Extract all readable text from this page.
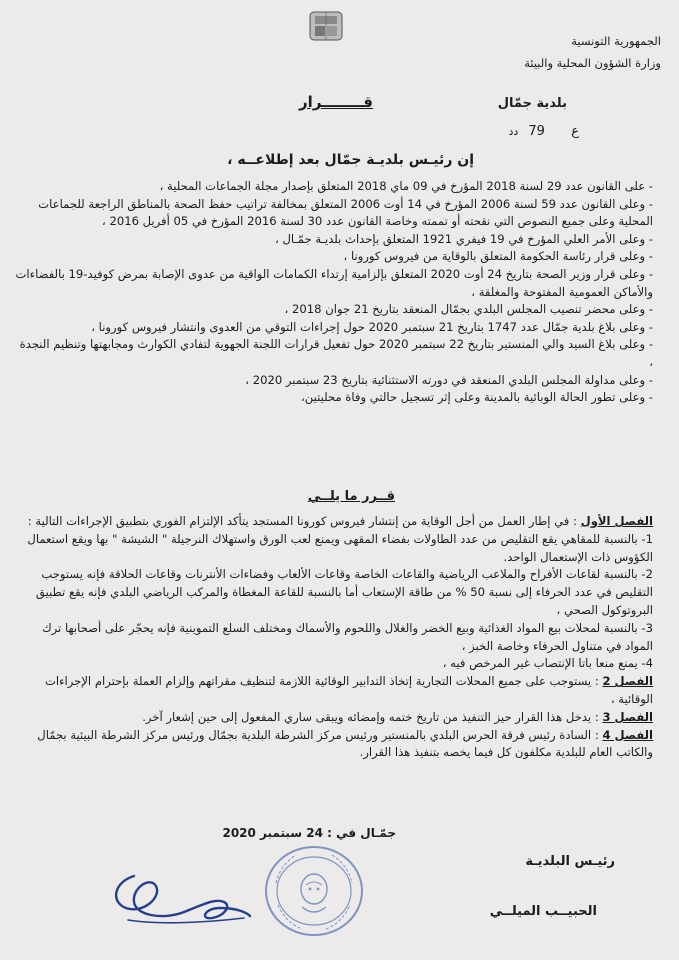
الجمهورية التونسية
وزارة الشؤون المحلية والبيئة
بلدية جمّال
قــــــــرار
ع  79 دد
إن رئيـس بلديـة جمّال بعد إطلاعــه ،

- على القانون عدد 29 لسنة 2018 المؤرخ في 09 ماي 2018 المتعلق بإصدار مجلة الجماعات المحلية ،

- وعلى القانون عدد 59 لسنة 2006 المؤرخ في 14 أوت 2006 المتعلق بمخالفة تراتيب حفظ الصحة بالمناطق الراجعة للجماعات المحلية وعلى جميع النصوص التي نقحته أو تممته وخاصة القانون عدد 30 لسنة 2016 المؤرخ في 05 أفريل 2016 ،

- وعلى الأمر العلي المؤرخ في 19 فيفري 1921 المتعلق بإحداث بلديـة جمّـال ،

- وعلى قرار رئاسة الحكومة المتعلق بالوقاية من فيروس كورونا ،

- وعلى قرار وزير الصحة بتاريخ 24 أوت 2020 المتعلق بإلزامية إرتداء الكمامات الواقية من عدوى الإصابة بمرض كوفيد-19 بالفضاءات والأماكن العمومية المفتوحة والمغلقة ،

- وعلى محضر تنصيب المجلس البلدي بجمّال المنعقد بتاريخ 21 جوان 2018 ،

- وعلى بلاغ بلدية جمّال عدد 1747 بتاريخ 21 سبتمبر 2020 حول إجراءات التوقي من العدوى وانتشار فيروس كورونا ،

- وعلى بلاغ السيد والي المنستير بتاريخ 22 سبتمبر 2020 حول تفعيل قرارات اللجنة الجهوية لتفادي الكوارث ومجابهتها وتنظيم النجدة ،

- وعلى مداولة المجلس البلدي المنعقد في دورته الاستثنائية بتاريخ 23 سبتمبر 2020 ،

- وعلى تطور الحالة الوبائية بالمدينة وعلى إثر تسجيل حالتي وفاة محليتين،

قــرر ما يلــي

الفصل الأول : في إطار العمل من أجل الوقاية من إنتشار فيروس كورونا المستجد يتأكد الإلتزام الفوري بتطبيق الإجراءات التالية :

1- بالنسبة للمقاهي يقع التقليص من عدد الطاولات بفضاء المقهى ويمنع لعب الورق واستهلاك النرجيلة " الشيشة " بها ويقع استعمال الكؤوس ذات الإستعمال الواحد.

2- بالنسبة لقاعات الأفراح والملاعب الرياضية والقاعات الخاصة وقاعات الألعاب وفضاءات الأنترنات وقاعات الحلاقة فإنه يستوجب التقليص في عدد الحرفاء إلى نسبة 50 % من طاقة الإستعاب أما بالنسبة للقاعة المغطاة والمركب الرياضي البلدي فإنه يقع تطبيق البروتوكول الصحي ،

3- بالنسبة لمحلات بيع المواد الغذائية وبيع الخضر والغلال واللحوم والأسماك ومختلف السلع التموينية فإنه يحجّر على أصحابها ترك المواد في متناول الحرفاء وخاصة الخبز ،

4- يمنع منعا باتا الإنتصاب غير المرخص فيه ،

الفصل 2 : يستوجب على جميع المحلات التجارية إتخاذ التدابير الوقائية اللازمة لتنظيف مقراتهم وإلزام العملة بإحترام الإجراءات الوقائية ،

الفصل 3 : يدخل هذا القرار حيز التنفيذ من تاريخ ختمه وإمضائه ويبقى ساري المفعول إلى حين إشعار آخر.

الفصل 4 : السادة رئيس فرقة الحرس البلدي بالمنستير ورئيس مركز الشرطة البلدية بجمّال ورئيس مركز الشرطة البيئية بجمّال والكاتب العام للبلدية مكلفون كل فيما يخصه بتنفيذ هذا القرار.

جمّـال في : 24 سبتمبر 2020
رئيـس البلديـة
الحبيــب الميلــي
